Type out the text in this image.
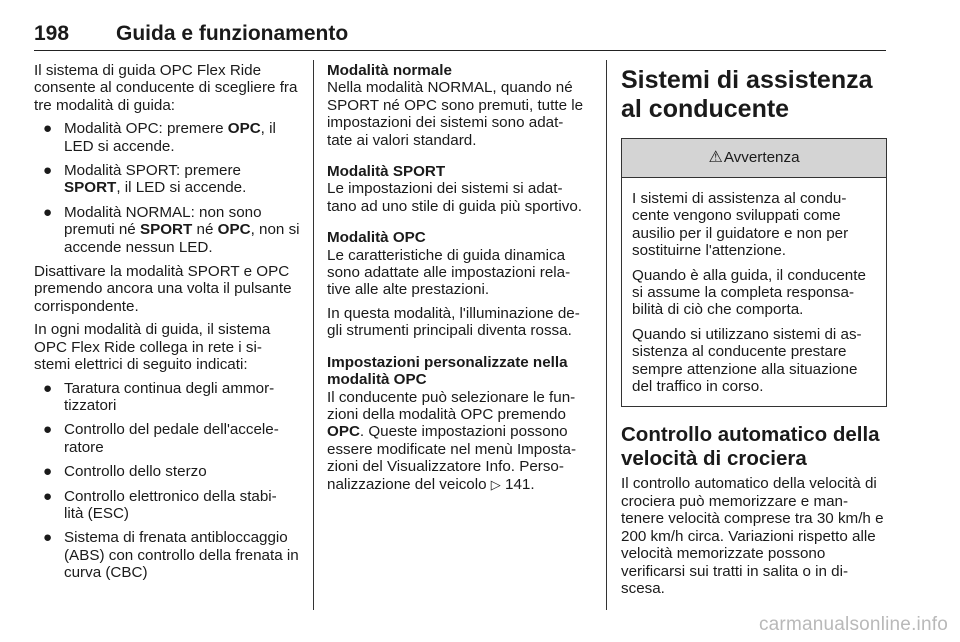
198 Guida e funzionamento

Il sistema di guida OPC Flex Ride consente al conducente di scegliere fra tre modalità di guida:

● Modalità OPC: premere OPC, il LED si accende.
● Modalità SPORT: premere SPORT, il LED si accende.
● Modalità NORMAL: non sono premuti né SPORT né OPC, non si accende nessun LED.

Disattivare la modalità SPORT e OPC premendo ancora una volta il pulsante corrispondente.

In ogni modalità di guida, il sistema OPC Flex Ride collega in rete i si- stemi elettrici di seguito indicati:

● Taratura continua degli ammor- tizzatori
● Controllo del pedale dell'accele- ratore
● Controllo dello sterzo
● Controllo elettronico della stabi- lità (ESC)
● Sistema di frenata antibloccaggio (ABS) con controllo della frenata in curva (CBC)

Modalità normale

Nella modalità NORMAL, quando né SPORT né OPC sono premuti, tutte le impostazioni dei sistemi sono adat- tate ai valori standard.

Modalità SPORT

Le impostazioni dei sistemi si adat- tano ad uno stile di guida più sportivo.

Modalità OPC

Le caratteristiche di guida dinamica sono adattate alle impostazioni rela- tive alle alte prestazioni.

In questa modalità, l'illuminazione de- gli strumenti principali diventa rossa.

Impostazioni personalizzate nella modalità OPC

Il conducente può selezionare le fun- zioni della modalità OPC premendo OPC. Queste impostazioni possono essere modificate nel menù Imposta- zioni del Visualizzatore Info. Perso- nalizzazione del veicolo ▷ 141.

Sistemi di assistenza al conducente
⚠ Avvertenza

I sistemi di assistenza al condu- cente vengono sviluppati come ausilio per il guidatore e non per sostituirne l'attenzione.

Quando è alla guida, il conducente si assume la completa responsa- bilità di ciò che comporta.

Quando si utilizzano sistemi di as- sistenza al conducente prestare sempre attenzione alla situazione del traffico in corso.

Controllo automatico della velocità di crociera

Il controllo automatico della velocità di crociera può memorizzare e man- tenere velocità comprese tra 30 km/h e 200 km/h circa. Variazioni rispetto alle velocità memorizzate possono verificarsi sui tratti in salita o in di- scesa.

carmanualsonline.info
